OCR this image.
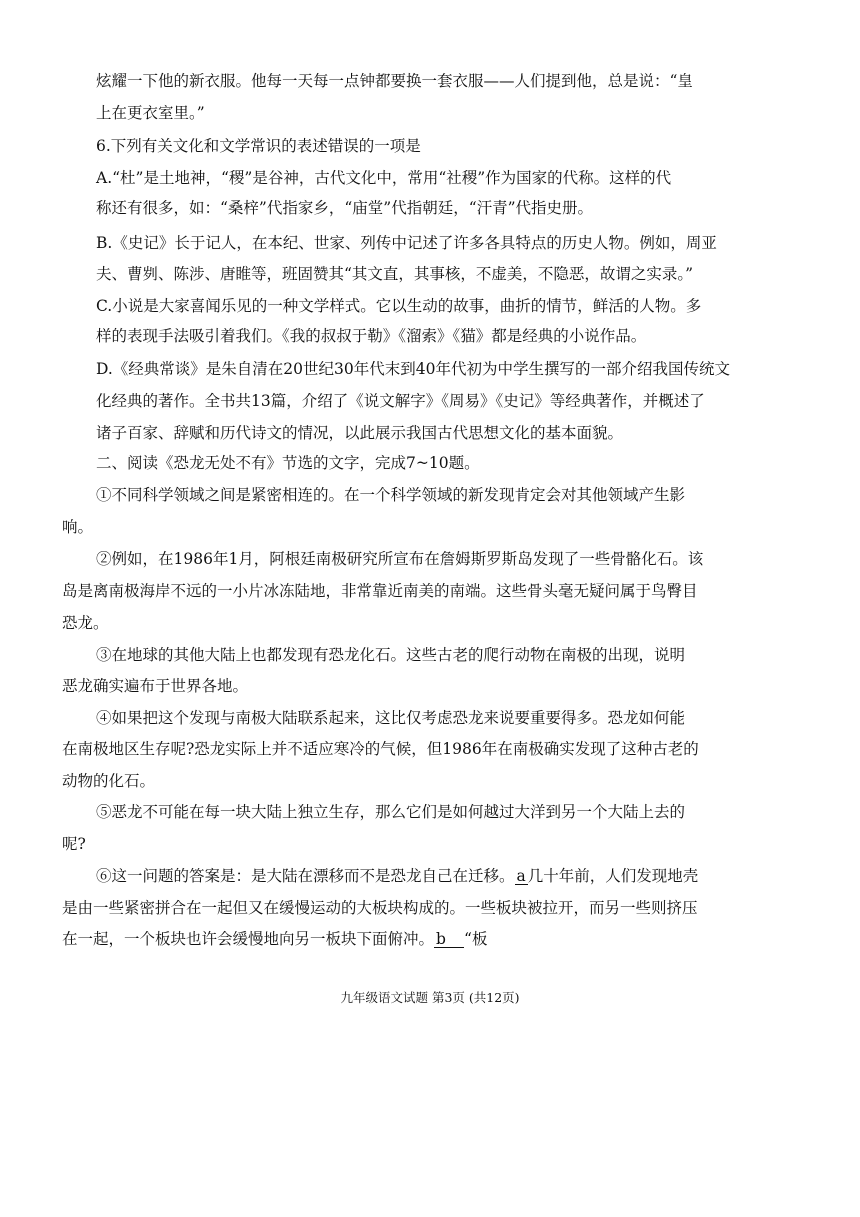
炫耀一下他的新衣服。他每一天每一点钟都要换一套衣服——人们提到他，总是说：“皇
上在更衣室里。”
6.下列有关文化和文学常识的表述错误的一项是
A.“杜”是土地神，“稷”是谷神，古代文化中，常用“社稷”作为国家的代称。这样的代
称还有很多，如：“桑梓”代指家乡，“庙堂”代指朝廷，“汗青”代指史册。
B.《史记》长于记人，在本纪、世家、列传中记述了许多各具特点的历史人物。例如，周亚
夫、曹刿、陈涉、唐睢等，班固赞其“其文直，其事核，不虚美，不隐恶，故谓之实录。”
C.小说是大家喜闻乐见的一种文学样式。它以生动的故事，曲折的情节，鲜活的人物。多
样的表现手法吸引着我们。《我的叔叔于勒》《溜索》《猫》都是经典的小说作品。
D.《经典常谈》是朱自清在20世纪30年代末到40年代初为中学生撰写的一部介绍我国传统文
化经典的著作。全书共13篇，介绍了《说文解字》《周易》《史记》等经典著作，并概述了
诸子百家、辞赋和历代诗文的情况，以此展示我国古代思想文化的基本面貌。
二、阅读《恐龙无处不有》节选的文字，完成7~10题。
①不同科学领域之间是紧密相连的。在一个科学领域的新发现肯定会对其他领域产生影
响。
②例如，在1986年1月，阿根廷南极研究所宣布在詹姆斯罗斯岛发现了一些骨骼化石。该
岛是离南极海岸不远的一小片冰冻陆地，非常靠近南美的南端。这些骨头毫无疑问属于鸟臀目
恐龙。
③在地球的其他大陆上也都发现有恐龙化石。这些古老的爬行动物在南极的出现，说明
恶龙确实遍布于世界各地。
④如果把这个发现与南极大陆联系起来，这比仅考虑恐龙来说要重要得多。恐龙如何能
在南极地区生存呢?恐龙实际上并不适应寒冷的气候，但1986年在南极确实发现了这种古老的
动物的化石。
⑤恶龙不可能在每一块大陆上独立生存，那么它们是如何越过大洋到另一个大陆上去的
呢?
⑥这一问题的答案是：是大陆在漂移而不是恐龙自己在迁移。 a 几十年前，人们发现地壳
是由一些紧密拼合在一起但又在缓慢运动的大板块构成的。一些板块被拉开，而另一些则挤压
在一起，一个板块也许会缓慢地向另一板块下面俯冲。 b “板
九年级语文试题 第3页 (共12页)
